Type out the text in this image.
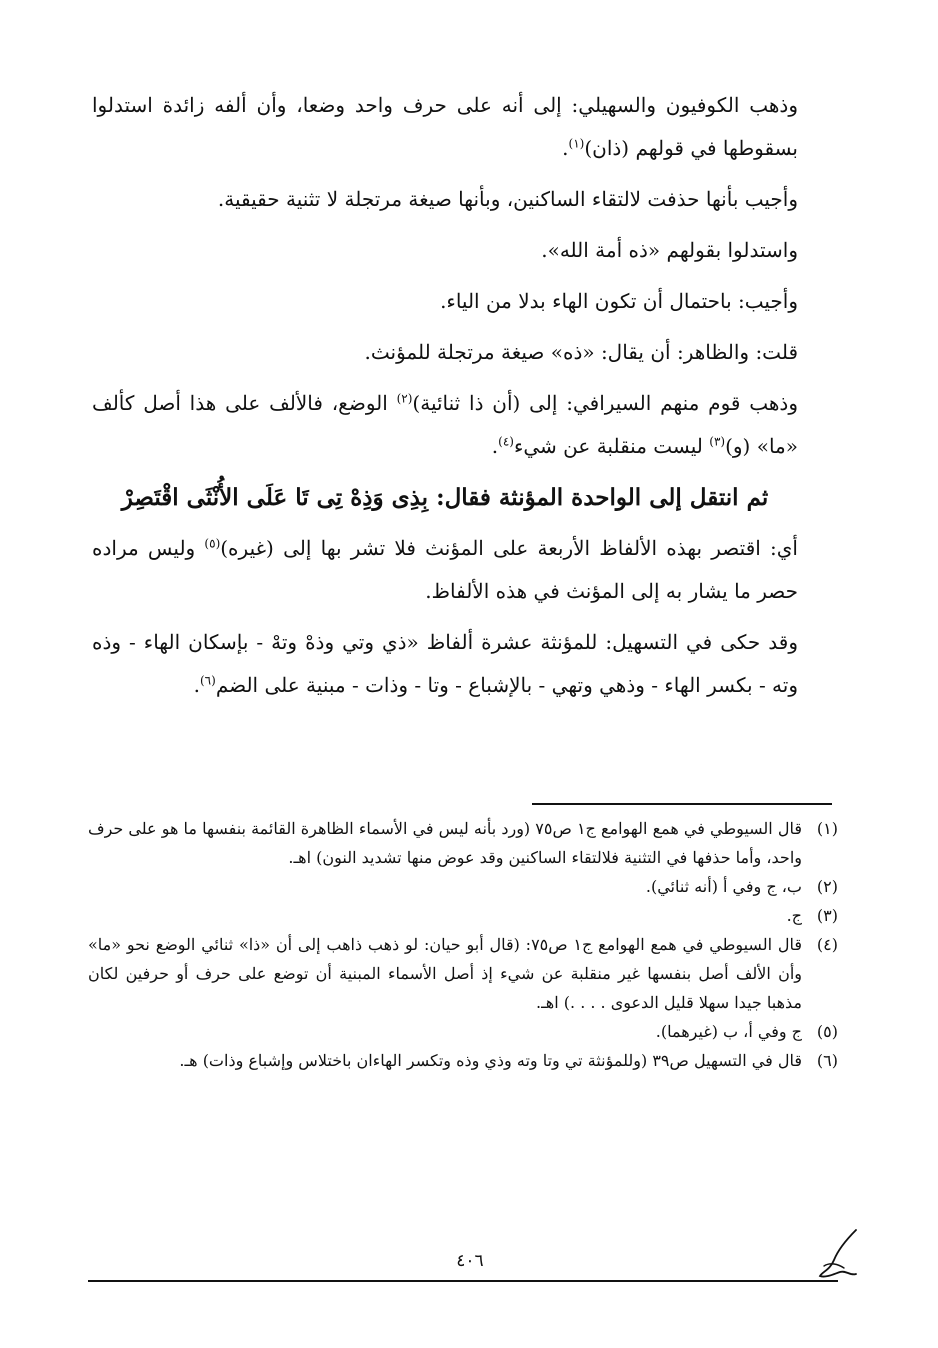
وذهب الكوفيون والسهيلي: إلى أنه على حرف واحد وضعا، وأن ألفه زائدة استدلوا بسقوطها في قولهم (ذان)$^{(١)}$.

وأجيب بأنها حذفت لالتقاء الساكنين، وبأنها صيغة مرتجلة لا تثنية حقيقية.

واستدلوا بقولهم «ذه أمة الله».

وأجيب: باحتمال أن تكون الهاء بدلا من الياء.

قلت: والظاهر: أن يقال: «ذه» صيغة مرتجلة للمؤنث.

وذهب قوم منهم السيرافي: إلى (أن ذا ثنائية)$^{(٢)}$ الوضع، فالألف على هذا أصل كألف «ما» (و)$^{(٣)}$ ليست منقلبة عن شيء$^{(٤)}$.

ثم انتقل إلى الواحدة المؤنثة فقال: بِذِى وَذِهْ تِى تَا عَلَى الأُنْثَى اقْتَصِرْ

أي: اقتصر بهذه الألفاظ الأربعة على المؤنث فلا تشر بها إلى (غيره)$^{(٥)}$ وليس مراده حصر ما يشار به إلى المؤنث في هذه الألفاظ.

وقد حكى في التسهيل: للمؤنثة عشرة ألفاظ «ذي وتي وذهْ وتهْ - بإسكان الهاء - وذه وته - بكسر الهاء - وذهي وتهي - بالإشباع - وتا - وذات - مبنية على الضم$^{(٦)}$.

(١)
قال السيوطي في همع الهوامع ج١ ص٧٥ (ورد بأنه ليس في الأسماء الظاهرة القائمة بنفسها ما هو على حرف واحد، وأما حذفها في التثنية فلالتقاء الساكنين وقد عوض منها تشديد النون) اهـ.

(٢)
ب، ج وفي أ (أنه ثنائي).

(٣)
ج.

(٤)
قال السيوطي في همع الهوامع ج١ ص٧٥: (قال أبو حيان: لو ذهب ذاهب إلى أن «ذا» ثنائي الوضع نحو «ما» وأن الألف أصل بنفسها غير منقلبة عن شيء إذ أصل الأسماء المبنية أن توضع على حرف أو حرفين لكان مذهبا جيدا سهلا قليل الدعوى . . . .) اهـ.

(٥)
ج وفي أ، ب (غيرهما).

(٦)
قال في التسهيل ص٣٩ (وللمؤنثة تي وتا وته وذي وذه وتكسر الهاءان باختلاس وإشباع وذات) هـ.

٤٠٦
